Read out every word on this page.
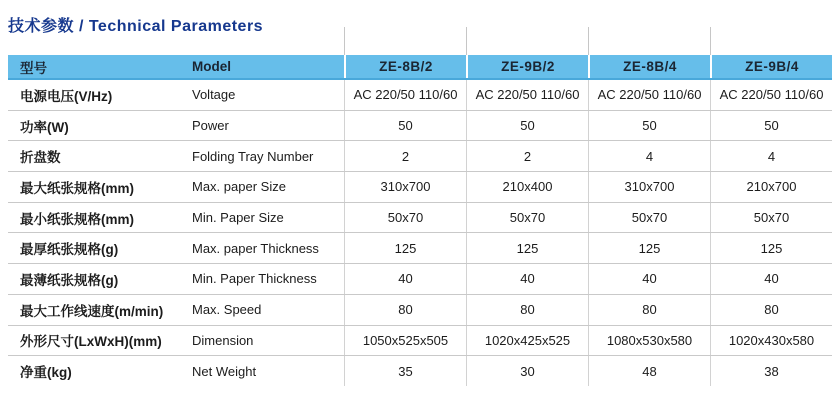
技术参数 / Technical Parameters
型号	Model	ZE-8B/2	ZE-9B/2	ZE-8B/4	ZE-9B/4
电源电压(V/Hz)	Voltage	AC 220/50 110/60	AC 220/50 110/60	AC 220/50 110/60	AC 220/50 110/60
功率(W)	Power	50	50	50	50
折盘数	Folding Tray Number	2	2	4	4
最大纸张规格(mm)	Max. paper Size	310x700	210x400	310x700	210x700
最小纸张规格(mm)	Min. Paper Size	50x70	50x70	50x70	50x70
最厚纸张规格(g)	Max. paper Thickness	125	125	125	125
最薄纸张规格(g)	Min. Paper Thickness	40	40	40	40
最大工作线速度(m/min)	Max. Speed	80	80	80	80
外形尺寸(LxWxH)(mm)	Dimension	1050x525x505	1020x425x525	1080x530x580	1020x430x580
净重(kg)	Net Weight	35	30	48	38
